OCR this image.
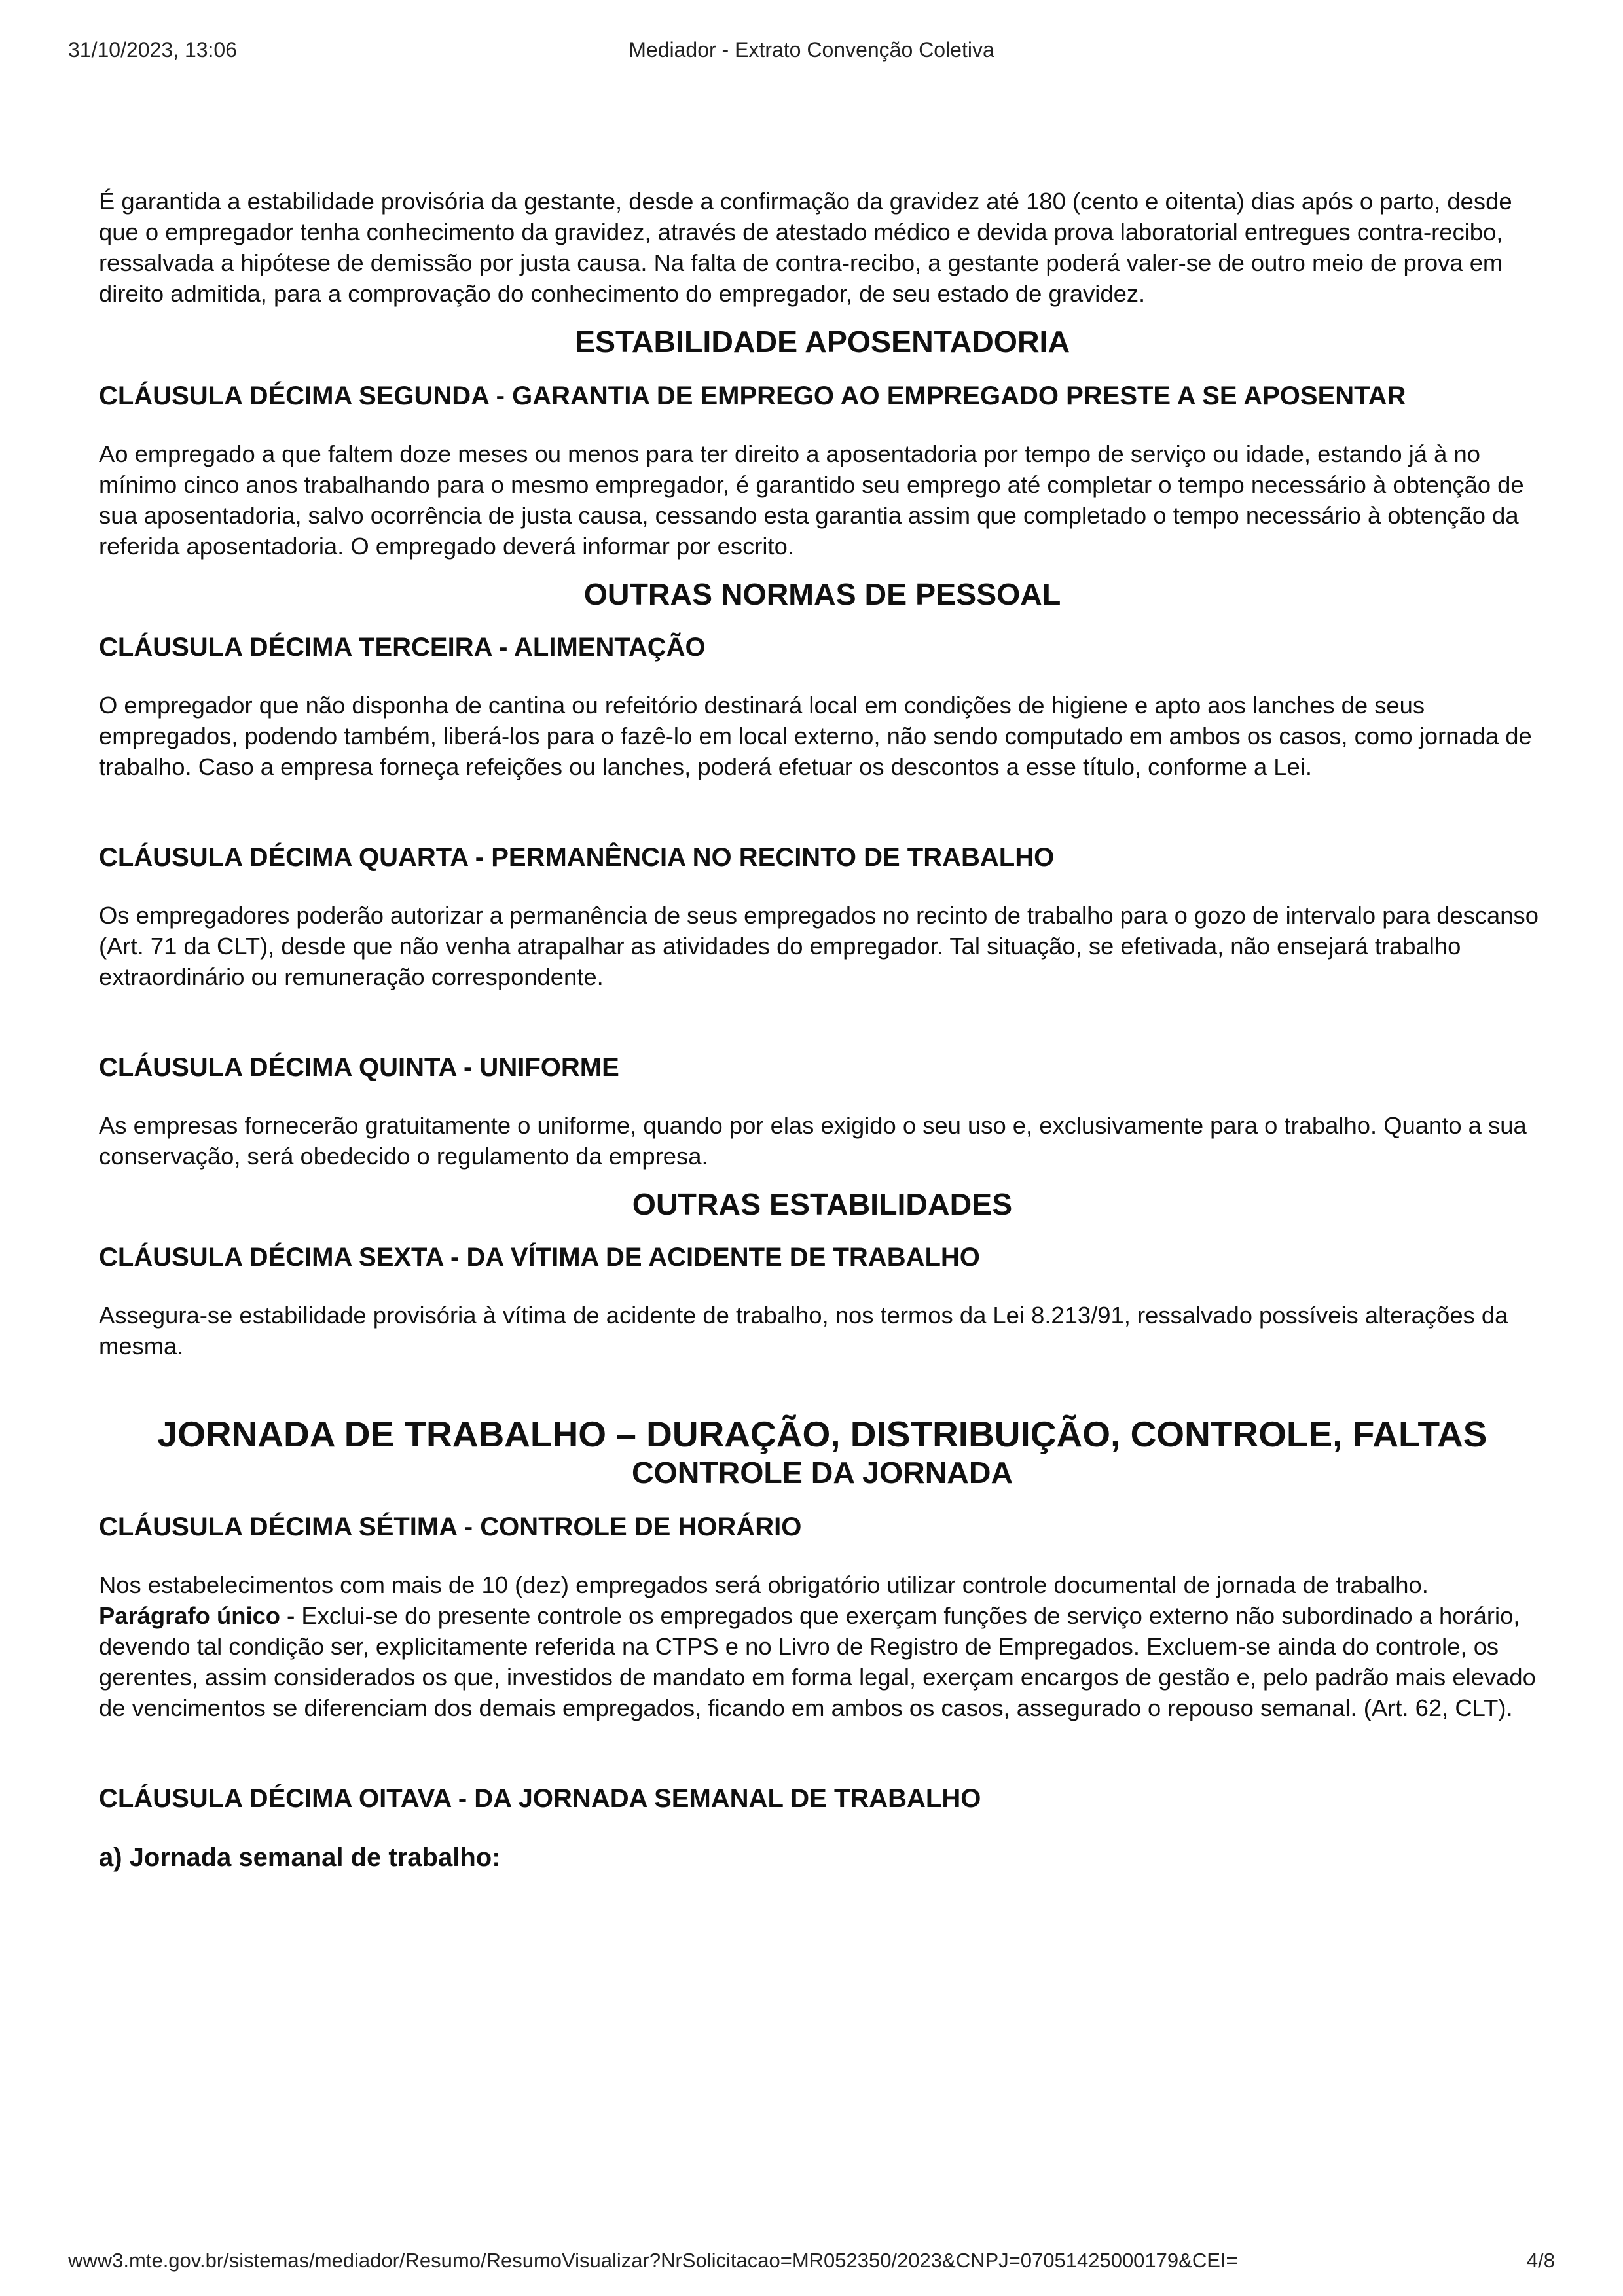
31/10/2023, 13:06	Mediador - Extrato Convenção Coletiva

É garantida a estabilidade provisória da gestante, desde a confirmação da gravidez até 180 (cento e oitenta) dias após o parto, desde que o empregador tenha conhecimento da gravidez, através de atestado médico e devida prova laboratorial entregues contra-recibo, ressalvada a hipótese de demissão por justa causa. Na falta de contra-recibo, a gestante poderá valer-se de outro meio de prova em direito admitida, para a comprovação do conhecimento do empregador, de seu estado de gravidez.

ESTABILIDADE APOSENTADORIA
CLÁUSULA DÉCIMA SEGUNDA - GARANTIA DE EMPREGO AO EMPREGADO PRESTE A SE APOSENTAR

Ao empregado a que faltem doze meses ou menos para ter direito a aposentadoria por tempo de serviço ou idade, estando já à no mínimo cinco anos trabalhando para o mesmo empregador, é garantido seu emprego até completar o tempo necessário à obtenção de sua aposentadoria, salvo ocorrência de justa causa, cessando esta garantia assim que completado o tempo necessário à obtenção da referida aposentadoria. O empregado deverá informar por escrito.

OUTRAS NORMAS DE PESSOAL
CLÁUSULA DÉCIMA TERCEIRA - ALIMENTAÇÃO

O empregador que não disponha de cantina ou refeitório destinará local em condições de higiene e apto aos lanches de seus empregados, podendo também, liberá-los para o fazê-lo em local externo, não sendo computado em ambos os casos, como jornada de trabalho. Caso a empresa forneça refeições ou lanches, poderá efetuar os descontos a esse título, conforme a Lei.

CLÁUSULA DÉCIMA QUARTA - PERMANÊNCIA NO RECINTO DE TRABALHO

Os empregadores poderão autorizar a permanência de seus empregados no recinto de trabalho para o gozo de intervalo para descanso (Art. 71 da CLT), desde que não venha atrapalhar as atividades do empregador. Tal situação, se efetivada, não ensejará trabalho extraordinário ou remuneração correspondente.

CLÁUSULA DÉCIMA QUINTA - UNIFORME

As empresas fornecerão gratuitamente o uniforme, quando por elas exigido o seu uso e, exclusivamente para o trabalho. Quanto a sua conservação, será obedecido o regulamento da empresa.

OUTRAS ESTABILIDADES
CLÁUSULA DÉCIMA SEXTA - DA VÍTIMA DE ACIDENTE DE TRABALHO

Assegura-se estabilidade provisória à vítima de acidente de trabalho, nos termos da Lei 8.213/91, ressalvado possíveis alterações da mesma.

JORNADA DE TRABALHO – DURAÇÃO, DISTRIBUIÇÃO, CONTROLE, FALTAS
CONTROLE DA JORNADA
CLÁUSULA DÉCIMA SÉTIMA - CONTROLE DE HORÁRIO

Nos estabelecimentos com mais de 10 (dez) empregados será obrigatório utilizar controle documental de jornada de trabalho.

Parágrafo único - Exclui-se do presente controle os empregados que exerçam funções de serviço externo não subordinado a horário, devendo tal condição ser, explicitamente referida na CTPS e no Livro de Registro de Empregados. Excluem-se ainda do controle, os gerentes, assim considerados os que, investidos de mandato em forma legal, exerçam encargos de gestão e, pelo padrão mais elevado de vencimentos se diferenciam dos demais empregados, ficando em ambos os casos, assegurado o repouso semanal. (Art. 62, CLT).

CLÁUSULA DÉCIMA OITAVA - DA JORNADA SEMANAL DE TRABALHO
a) Jornada semanal de trabalho:
www3.mte.gov.br/sistemas/mediador/Resumo/ResumoVisualizar?NrSolicitacao=MR052350/2023&CNPJ=07051425000179&CEI=	4/8
